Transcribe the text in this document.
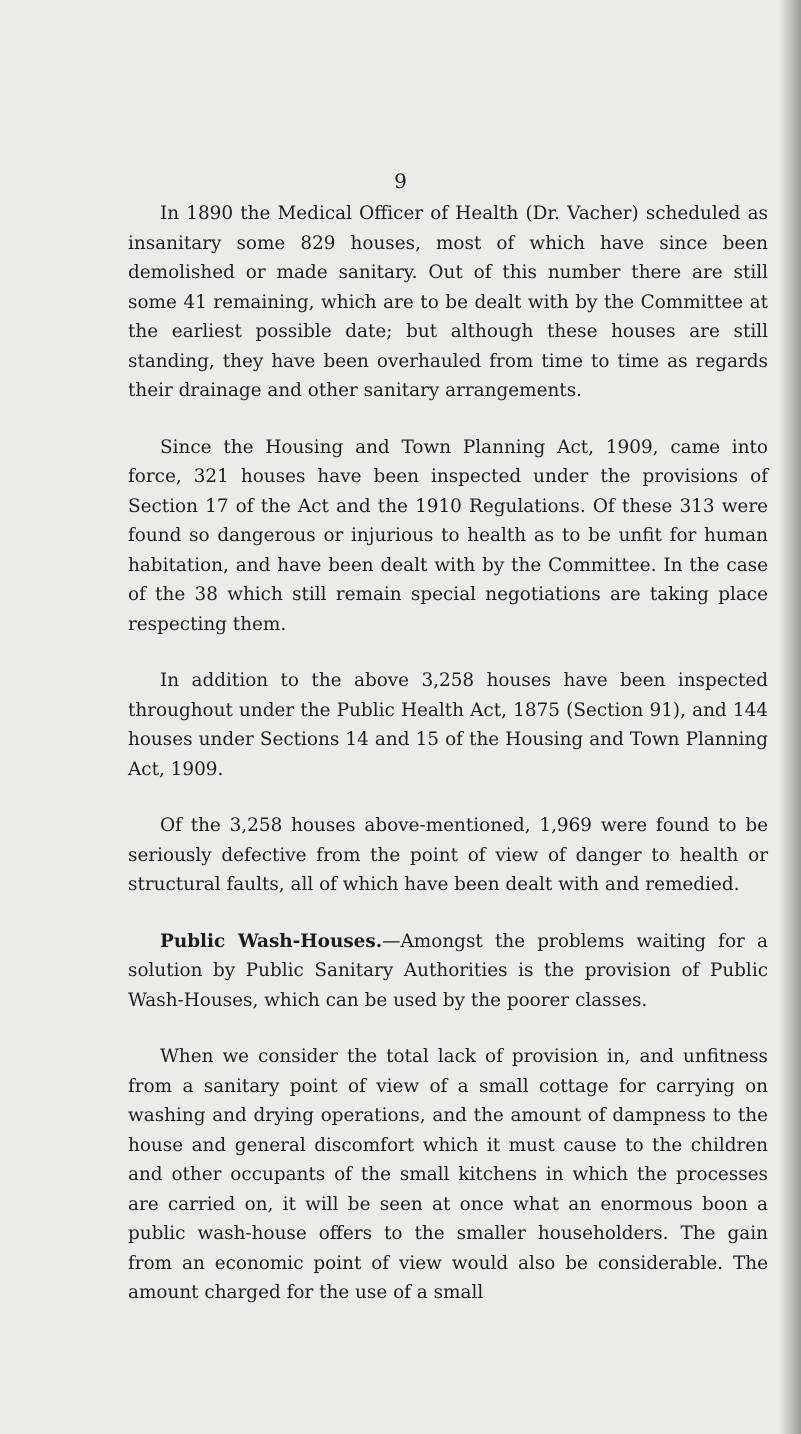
9

In 1890 the Medical Officer of Health (Dr. Vacher) scheduled as insanitary some 829 houses, most of which have since been demolished or made sanitary. Out of this number there are still some 41 remaining, which are to be dealt with by the Committee at the earliest possible date; but although these houses are still standing, they have been overhauled from time to time as regards their drainage and other sanitary arrangements.

Since the Housing and Town Planning Act, 1909, came into force, 321 houses have been inspected under the provisions of Section 17 of the Act and the 1910 Regulations. Of these 313 were found so dangerous or injurious to health as to be unfit for human habitation, and have been dealt with by the Committee. In the case of the 38 which still remain special negotiations are taking place respecting them.

In addition to the above 3,258 houses have been inspected throughout under the Public Health Act, 1875 (Section 91), and 144 houses under Sections 14 and 15 of the Housing and Town Planning Act, 1909.

Of the 3,258 houses above-mentioned, 1,969 were found to be seriously defective from the point of view of danger to health or structural faults, all of which have been dealt with and remedied.

Public Wash-Houses.—Amongst the problems waiting for a solution by Public Sanitary Authorities is the provision of Public Wash-Houses, which can be used by the poorer classes.

When we consider the total lack of provision in, and unfitness from a sanitary point of view of a small cottage for carrying on washing and drying operations, and the amount of dampness to the house and general discomfort which it must cause to the children and other occupants of the small kitchens in which the processes are carried on, it will be seen at once what an enormous boon a public wash-house offers to the smaller householders. The gain from an economic point of view would also be considerable. The amount charged for the use of a small
